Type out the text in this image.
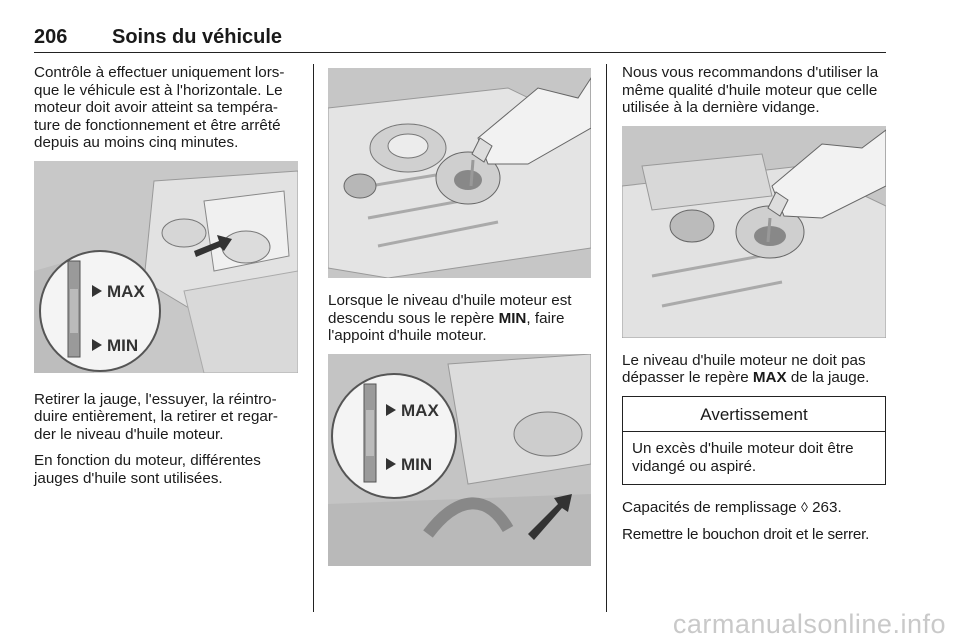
206 Soins du véhicule

Contrôle à effectuer uniquement lors-que le véhicule est à l'horizontale. Le moteur doit avoir atteint sa tempéra-ture de fonctionnement et être arrêté depuis au moins cinq minutes.

MAX
MIN

Retirer la jauge, l'essuyer, la réintro-duire entièrement, la retirer et regar-der le niveau d'huile moteur.

En fonction du moteur, différentes jauges d'huile sont utilisées.

Lorsque le niveau d'huile moteur est descendu sous le repère MIN, faire l'appoint d'huile moteur.

MAX
MIN

Nous vous recommandons d'utiliser la même qualité d'huile moteur que celle utilisée à la dernière vidange.

Le niveau d'huile moteur ne doit pas dépasser le repère MAX de la jauge.

Avertissement
Un excès d'huile moteur doit être vidangé ou aspiré.

Capacités de remplissage ◊ 263.

Remettre le bouchon droit et le serrer.

carmanualsonline.info
